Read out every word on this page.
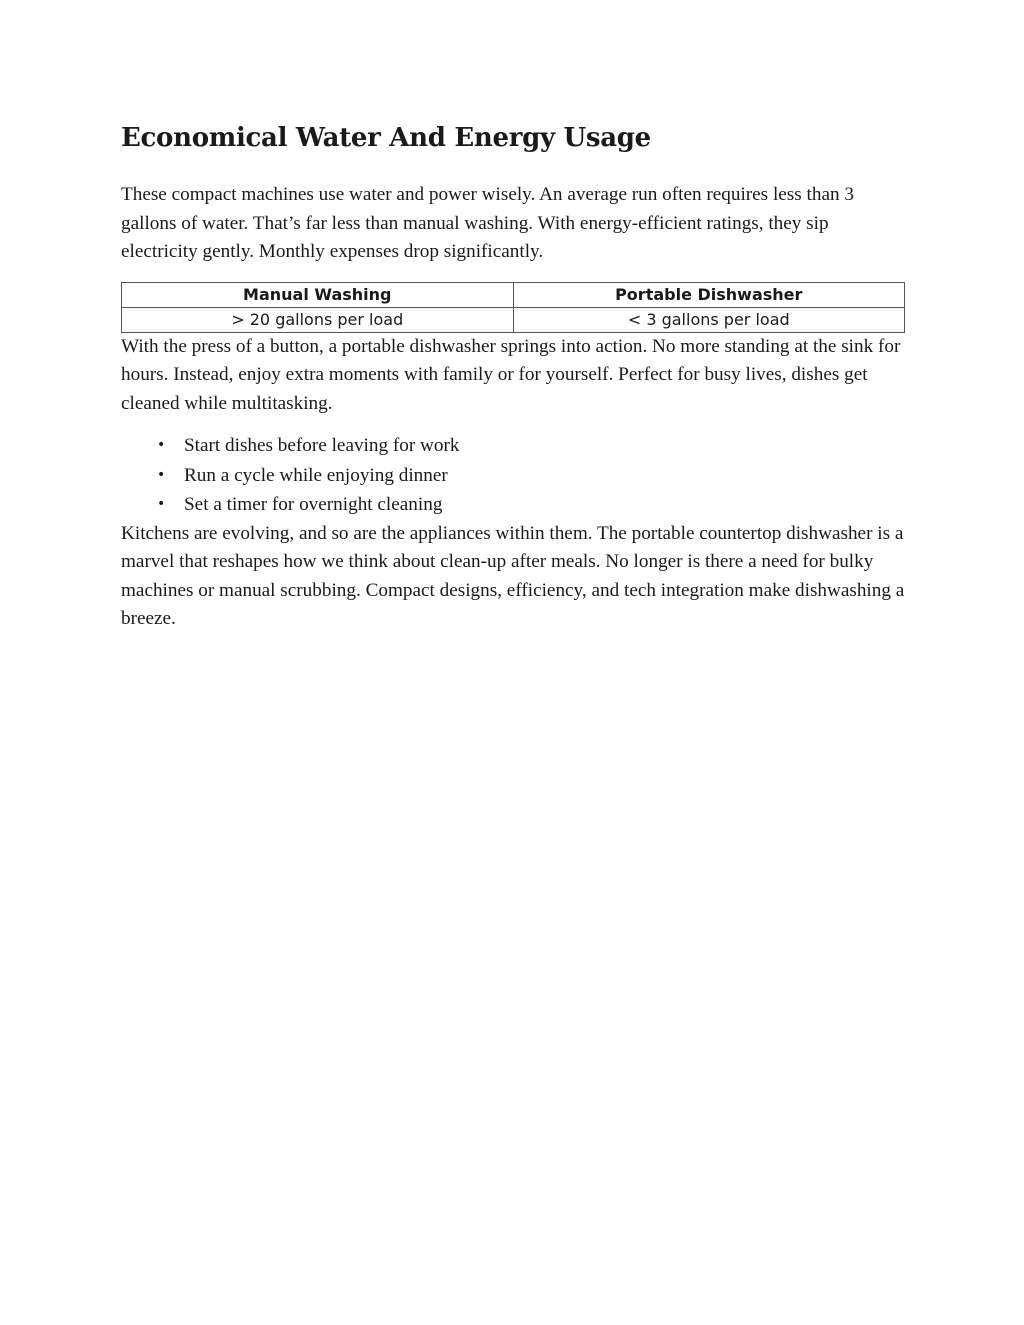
Economical Water And Energy Usage

These compact machines use water and power wisely. An average run often requires less than 3 gallons of water. That’s far less than manual washing. With energy-efficient ratings, they sip electricity gently. Monthly expenses drop significantly.

Manual Washing	Portable Dishwasher
> 20 gallons per load	< 3 gallons per load

With the press of a button, a portable dishwasher springs into action. No more standing at the sink for hours. Instead, enjoy extra moments with family or for yourself. Perfect for busy lives, dishes get cleaned while multitasking.

• Start dishes before leaving for work
• Run a cycle while enjoying dinner
• Set a timer for overnight cleaning

Kitchens are evolving, and so are the appliances within them. The portable countertop dishwasher is a marvel that reshapes how we think about clean-up after meals. No longer is there a need for bulky machines or manual scrubbing. Compact designs, efficiency, and tech integration make dishwashing a breeze.
